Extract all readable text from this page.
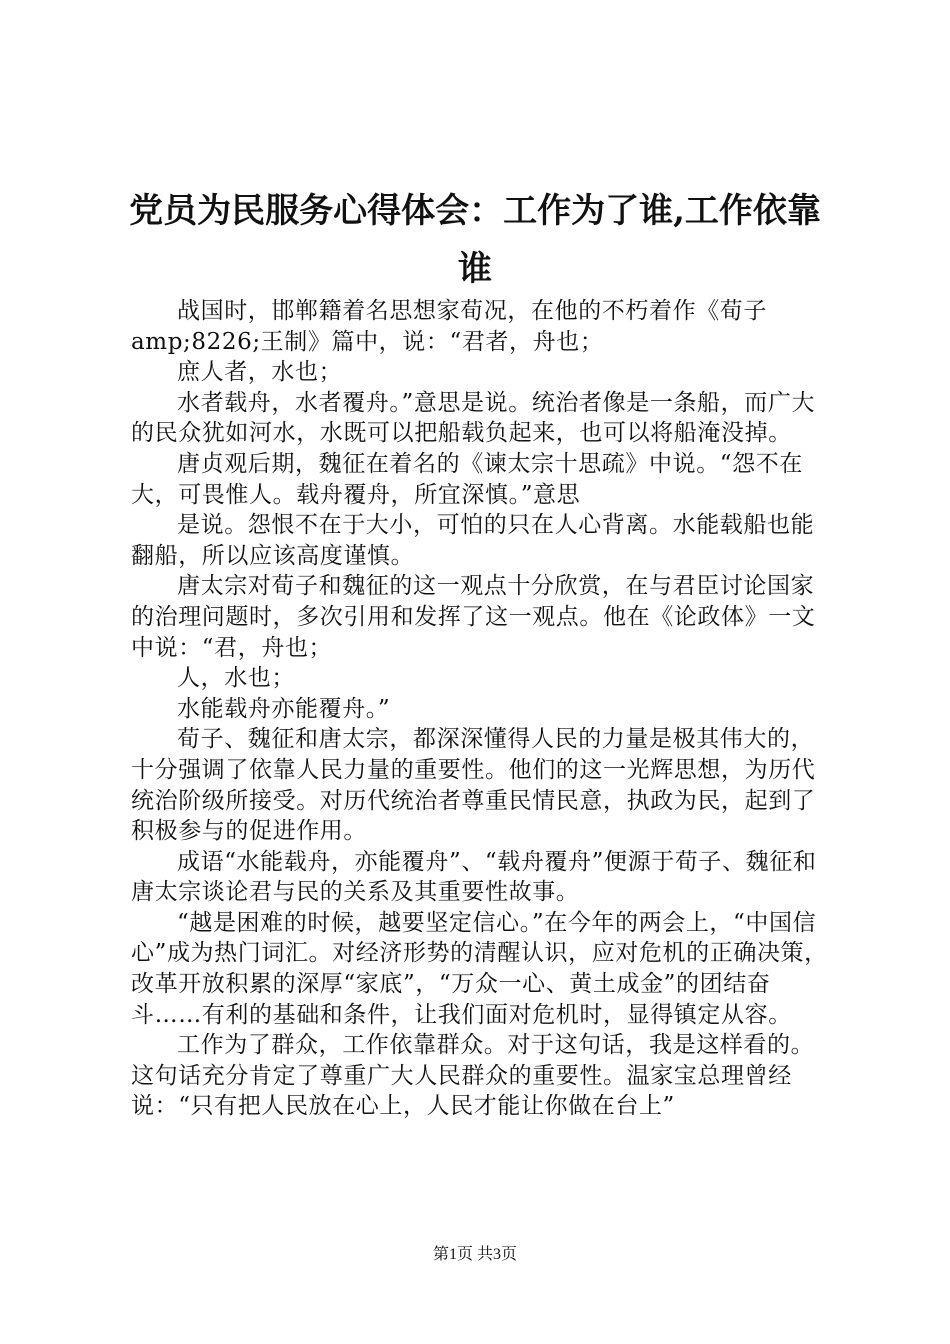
党员为民服务心得体会：工作为了谁,工作依靠谁

战国时，邯郸籍着名思想家荀况，在他的不朽着作《荀子amp;8226;王制》篇中，说：“君者，舟也；

庶人者，水也；

水者载舟，水者覆舟。”意思是说。统治者像是一条船，而广大的民众犹如河水，水既可以把船载负起来，也可以将船淹没掉。

唐贞观后期，魏征在着名的《谏太宗十思疏》中说。“怨不在大，可畏惟人。载舟覆舟，所宜深慎。”意思

是说。怨恨不在于大小，可怕的只在人心背离。水能载船也能翻船，所以应该高度谨慎。

唐太宗对荀子和魏征的这一观点十分欣赏，在与君臣讨论国家的治理问题时，多次引用和发挥了这一观点。他在《论政体》一文中说：“君，舟也；

人，水也；

水能载舟亦能覆舟。”

荀子、魏征和唐太宗，都深深懂得人民的力量是极其伟大的，十分强调了依靠人民力量的重要性。他们的这一光辉思想，为历代统治阶级所接受。对历代统治者尊重民情民意，执政为民，起到了积极参与的促进作用。

成语“水能载舟，亦能覆舟”、“载舟覆舟”便源于荀子、魏征和唐太宗谈论君与民的关系及其重要性故事。

“越是困难的时候，越要坚定信心。”在今年的两会上，“中国信心”成为热门词汇。对经济形势的清醒认识，应对危机的正确决策，改革开放积累的深厚“家底”，“万众一心、黄土成金”的团结奋斗……有利的基础和条件，让我们面对危机时，显得镇定从容。

工作为了群众，工作依靠群众。对于这句话，我是这样看的。这句话充分肯定了尊重广大人民群众的重要性。温家宝总理曾经说：“只有把人民放在心上，人民才能让你做在台上”

第1页 共3页
